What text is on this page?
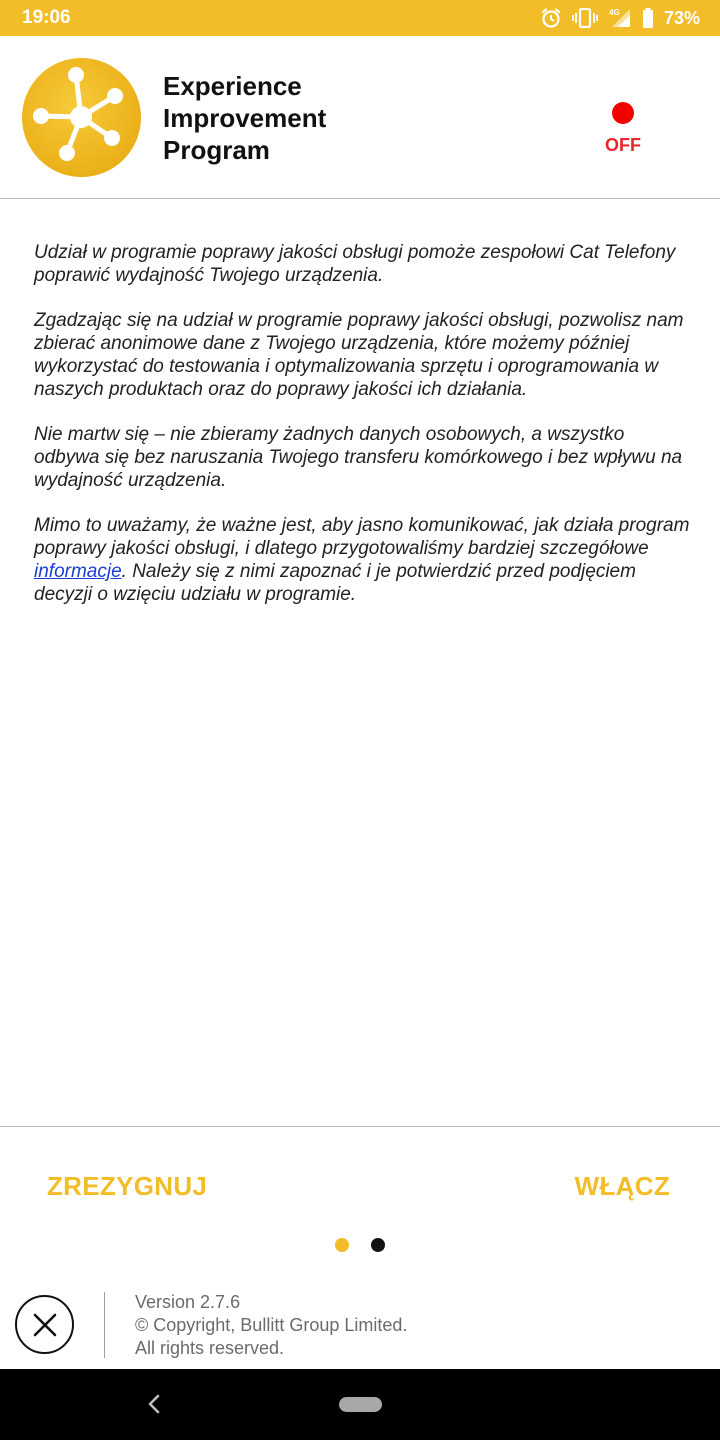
19:06	4G 73%
Experience Improvement Program	OFF

Udział w programie poprawy jakości obsługi pomoże zespołowi Cat Telefony poprawić wydajność Twojego urządzenia.

Zgadzając się na udział w programie poprawy jakości obsługi, pozwolisz nam zbierać anonimowe dane z Twojego urządzenia, które możemy później wykorzystać do testowania i optymalizowania sprzętu i oprogramowania w naszych produktach oraz do poprawy jakości ich działania.

Nie martw się – nie zbieramy żadnych danych osobowych, a wszystko odbywa się bez naruszania Twojego transferu komórkowego i bez wpływu na wydajność urządzenia.

Mimo to uważamy, że ważne jest, aby jasno komunikować, jak działa program poprawy jakości obsługi, i dlatego przygotowaliśmy bardziej szczegółowe informacje. Należy się z nimi zapoznać i je potwierdzić przed podjęciem decyzji o wzięciu udziału w programie.

ZREZYGNUJ	WŁĄCZ
Version 2.7.6
© Copyright, Bullitt Group Limited.
All rights reserved.
